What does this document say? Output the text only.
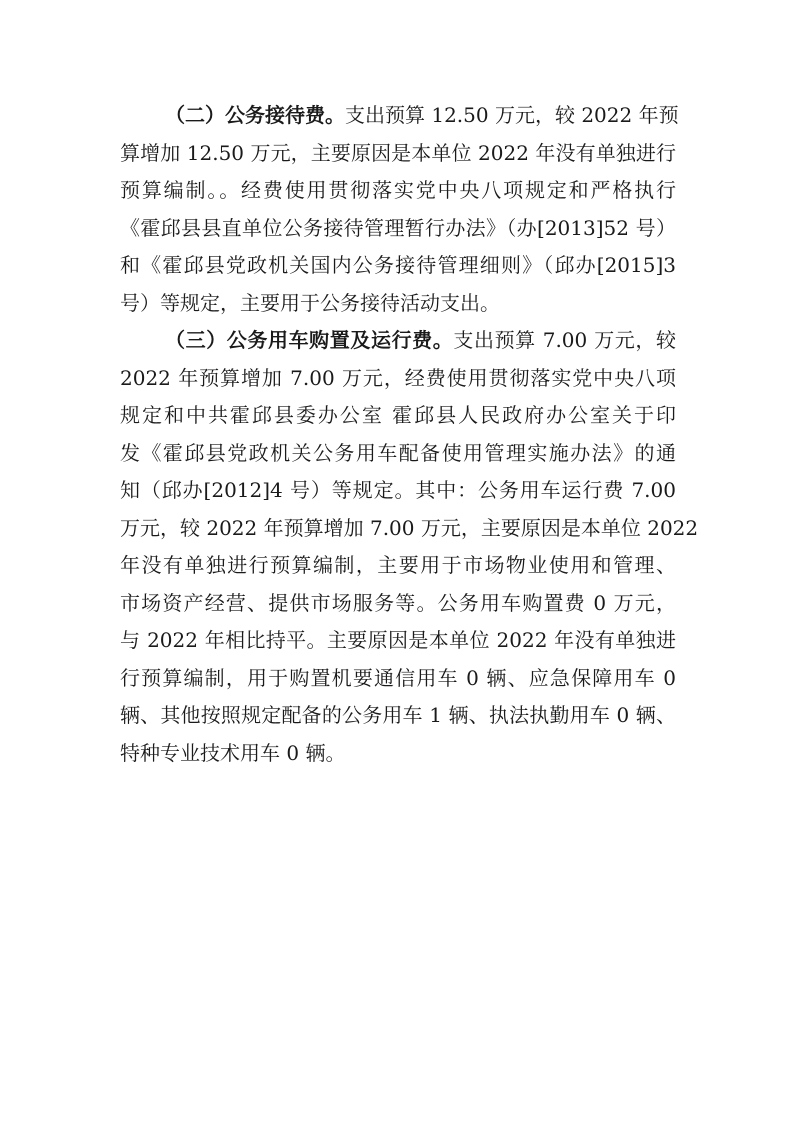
（二）公务接待费。支出预算 12.50 万元，较 2022 年预
算增加 12.50 万元，主要原因是本单位 2022 年没有单独进行
预算编制。。经费使用贯彻落实党中央八项规定和严格执行
《霍邱县县直单位公务接待管理暂行办法》（办[2013]52 号）
和《霍邱县党政机关国内公务接待管理细则》（邱办[2015]3
号）等规定，主要用于公务接待活动支出。
（三）公务用车购置及运行费。支出预算 7.00 万元，较
2022 年预算增加 7.00 万元，经费使用贯彻落实党中央八项
规定和中共霍邱县委办公室 霍邱县人民政府办公室关于印
发《霍邱县党政机关公务用车配备使用管理实施办法》的通
知（邱办[2012]4 号）等规定。其中：公务用车运行费 7.00
万元，较 2022 年预算增加 7.00 万元，主要原因是本单位 2022
年没有单独进行预算编制，主要用于市场物业使用和管理、
市场资产经营、提供市场服务等。公务用车购置费 0 万元，
与 2022 年相比持平。主要原因是本单位 2022 年没有单独进
行预算编制，用于购置机要通信用车 0 辆、应急保障用车 0
辆、其他按照规定配备的公务用车 1 辆、执法执勤用车 0 辆、
特种专业技术用车 0 辆。
